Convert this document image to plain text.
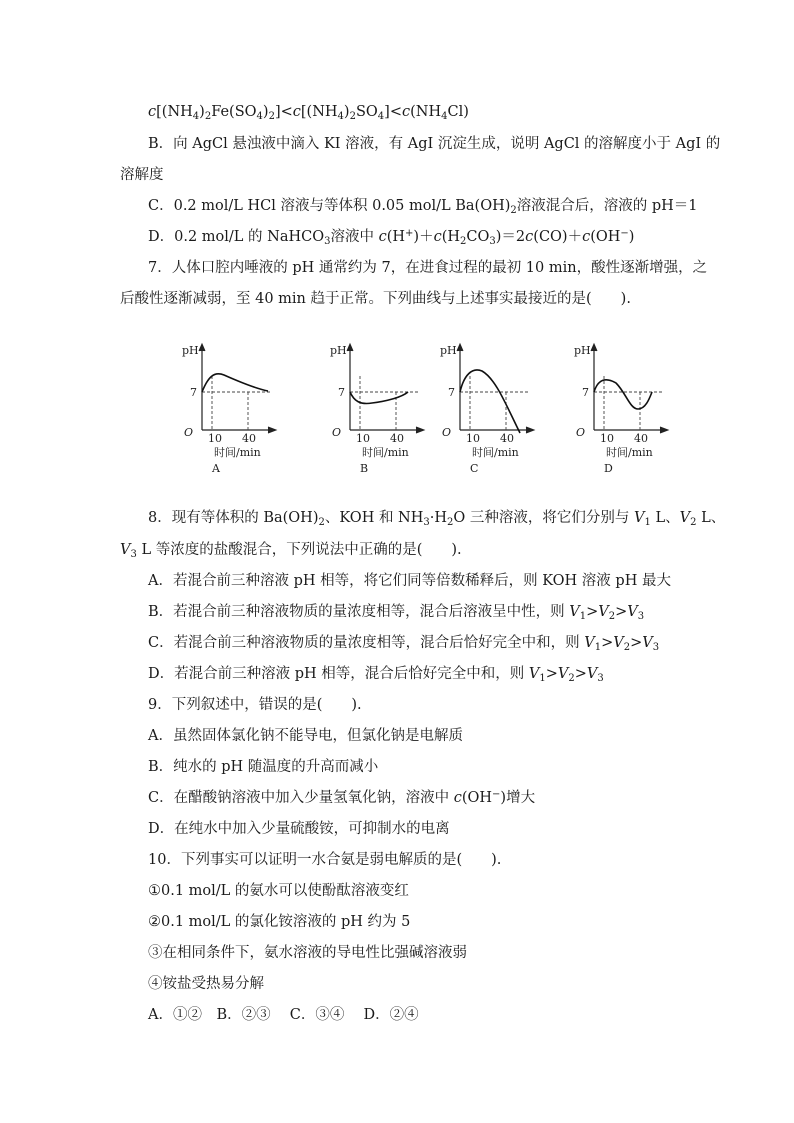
$c[(NH_4)_2Fe(SO_4)_2]<c[(NH_4)_2SO_4]<c(NH_4Cl)$
B．向 AgCl 悬浊液中滴入 KI 溶液，有 AgI 沉淀生成，说明 AgCl 的溶解度小于 AgI 的
溶解度
C．0.2 mol/L HCl 溶液与等体积 0.05 mol/L $Ba(OH)_2$溶液混合后，溶液的 pH＝1
D．0.2 mol/L 的 NaHCO$_3$溶液中 $c(H^+)+c(H_2CO_3)=2c(CO)+c(OH^-)$
7．人体口腔内唾液的 pH 通常约为 7，在进食过程的最初 10 min，酸性逐渐增强，之
后酸性逐渐减弱，至 40 min 趋于正常。下列曲线与上述事实最接近的是(　　).
pH
7
O 10 40
时间/min
A
pH
7
O 10 40
时间/min
B
pH
7
O 10 40
时间/min
C
pH
7
O 10 40
时间/min
D
8．现有等体积的 $Ba(OH)_2$、KOH 和 $NH_3\cdot H_2O$ 三种溶液，将它们分别与 $V_1$ L、$V_2$ L、
$V_3$ L 等浓度的盐酸混合，下列说法中正确的是(　　).
A．若混合前三种溶液 pH 相等，将它们同等倍数稀释后，则 KOH 溶液 pH 最大
B．若混合前三种溶液物质的量浓度相等，混合后溶液呈中性，则 $V_1>V_2>V_3$
C．若混合前三种溶液物质的量浓度相等，混合后恰好完全中和，则 $V_1>V_2>V_3$
D．若混合前三种溶液 pH 相等，混合后恰好完全中和，则 $V_1>V_2>V_3$
9．下列叙述中，错误的是(　　).
A．虽然固体氯化钠不能导电，但氯化钠是电解质
B．纯水的 pH 随温度的升高而减小
C．在醋酸钠溶液中加入少量氢氧化钠，溶液中 c(OH−)增大
D．在纯水中加入少量硫酸铵，可抑制水的电离
10．下列事实可以证明一水合氨是弱电解质的是(　　).
①0.1 mol/L 的氨水可以使酚酞溶液变红
②0.1 mol/L 的氯化铵溶液的 pH 约为 5
③在相同条件下，氨水溶液的导电性比强碱溶液弱
④铵盐受热易分解
A．①②　B．②③　 C．③④　 D．②④
